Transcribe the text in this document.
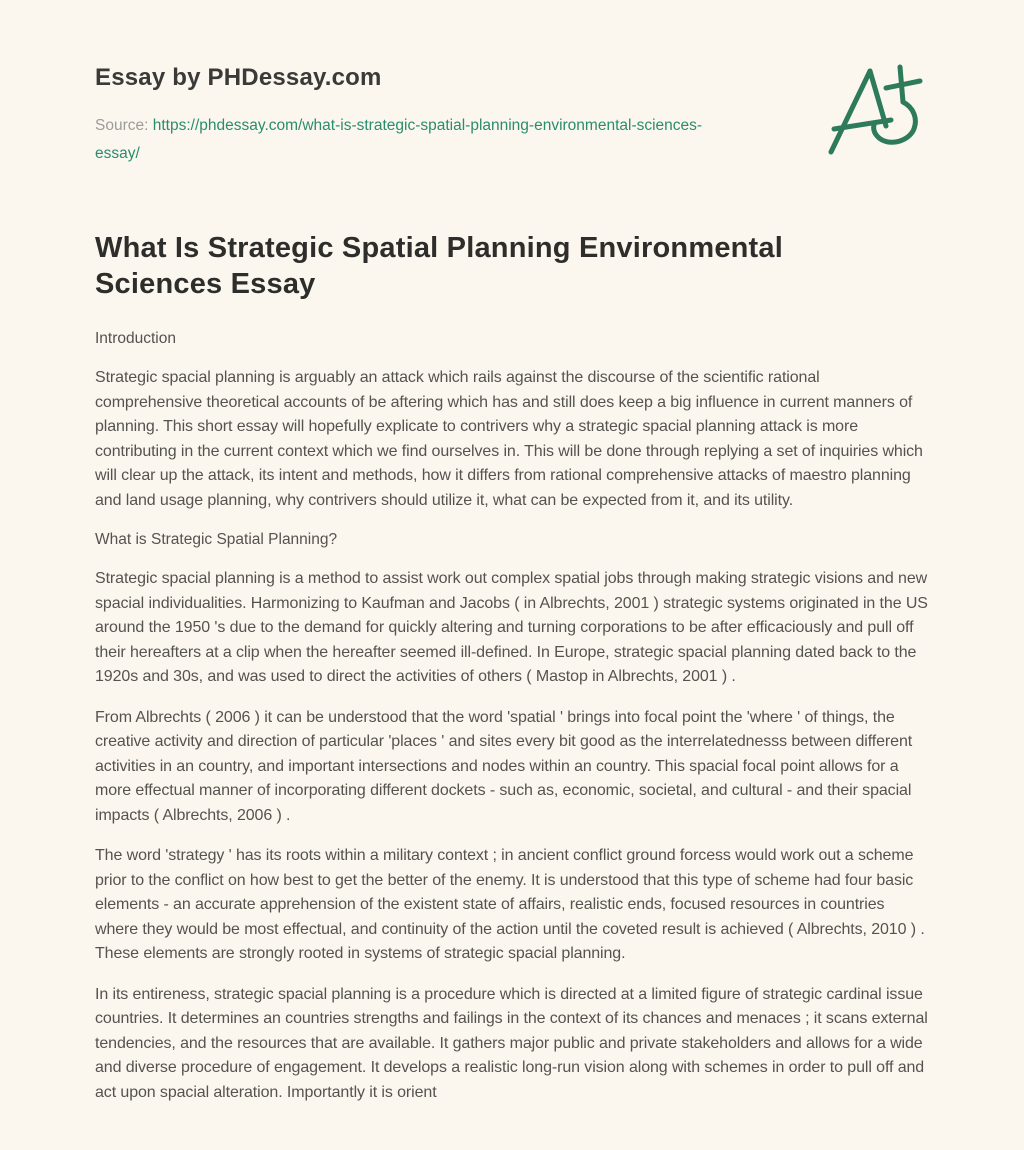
Essay by PHDessay.com
Source: https://phdessay.com/what-is-strategic-spatial-planning-environmental-sciences-essay/
What Is Strategic Spatial Planning Environmental Sciences Essay
Introduction

Strategic spacial planning is arguably an attack which rails against the discourse of the scientific rational comprehensive theoretical accounts of be aftering which has and still does keep a big influence in current manners of planning. This short essay will hopefully explicate to contrivers why a strategic spacial planning attack is more contributing in the current context which we find ourselves in. This will be done through replying a set of inquiries which will clear up the attack, its intent and methods, how it differs from rational comprehensive attacks of maestro planning and land usage planning, why contrivers should utilize it, what can be expected from it, and its utility.

What is Strategic Spatial Planning?

Strategic spacial planning is a method to assist work out complex spatial jobs through making strategic visions and new spacial individualities. Harmonizing to Kaufman and Jacobs ( in Albrechts, 2001 ) strategic systems originated in the US around the 1950 's due to the demand for quickly altering and turning corporations to be after efficaciously and pull off their hereafters at a clip when the hereafter seemed ill-defined. In Europe, strategic spacial planning dated back to the 1920s and 30s, and was used to direct the activities of others ( Mastop in Albrechts, 2001 ) .

From Albrechts ( 2006 ) it can be understood that the word 'spatial ' brings into focal point the 'where ' of things, the creative activity and direction of particular 'places ' and sites every bit good as the interrelatednesss between different activities in an country, and important intersections and nodes within an country. This spacial focal point allows for a more effectual manner of incorporating different dockets - such as, economic, societal, and cultural - and their spacial impacts ( Albrechts, 2006 ) .

The word 'strategy ' has its roots within a military context ; in ancient conflict ground forcess would work out a scheme prior to the conflict on how best to get the better of the enemy. It is understood that this type of scheme had four basic elements - an accurate apprehension of the existent state of affairs, realistic ends, focused resources in countries where they would be most effectual, and continuity of the action until the coveted result is achieved ( Albrechts, 2010 ) . These elements are strongly rooted in systems of strategic spacial planning.

In its entireness, strategic spacial planning is a procedure which is directed at a limited figure of strategic cardinal issue countries. It determines an countries strengths and failings in the context of its chances and menaces ; it scans external tendencies, and the resources that are available. It gathers major public and private stakeholders and allows for a wide and diverse procedure of engagement. It develops a realistic long-run vision along with schemes in order to pull off and act upon spacial alteration. Importantly it is orient
